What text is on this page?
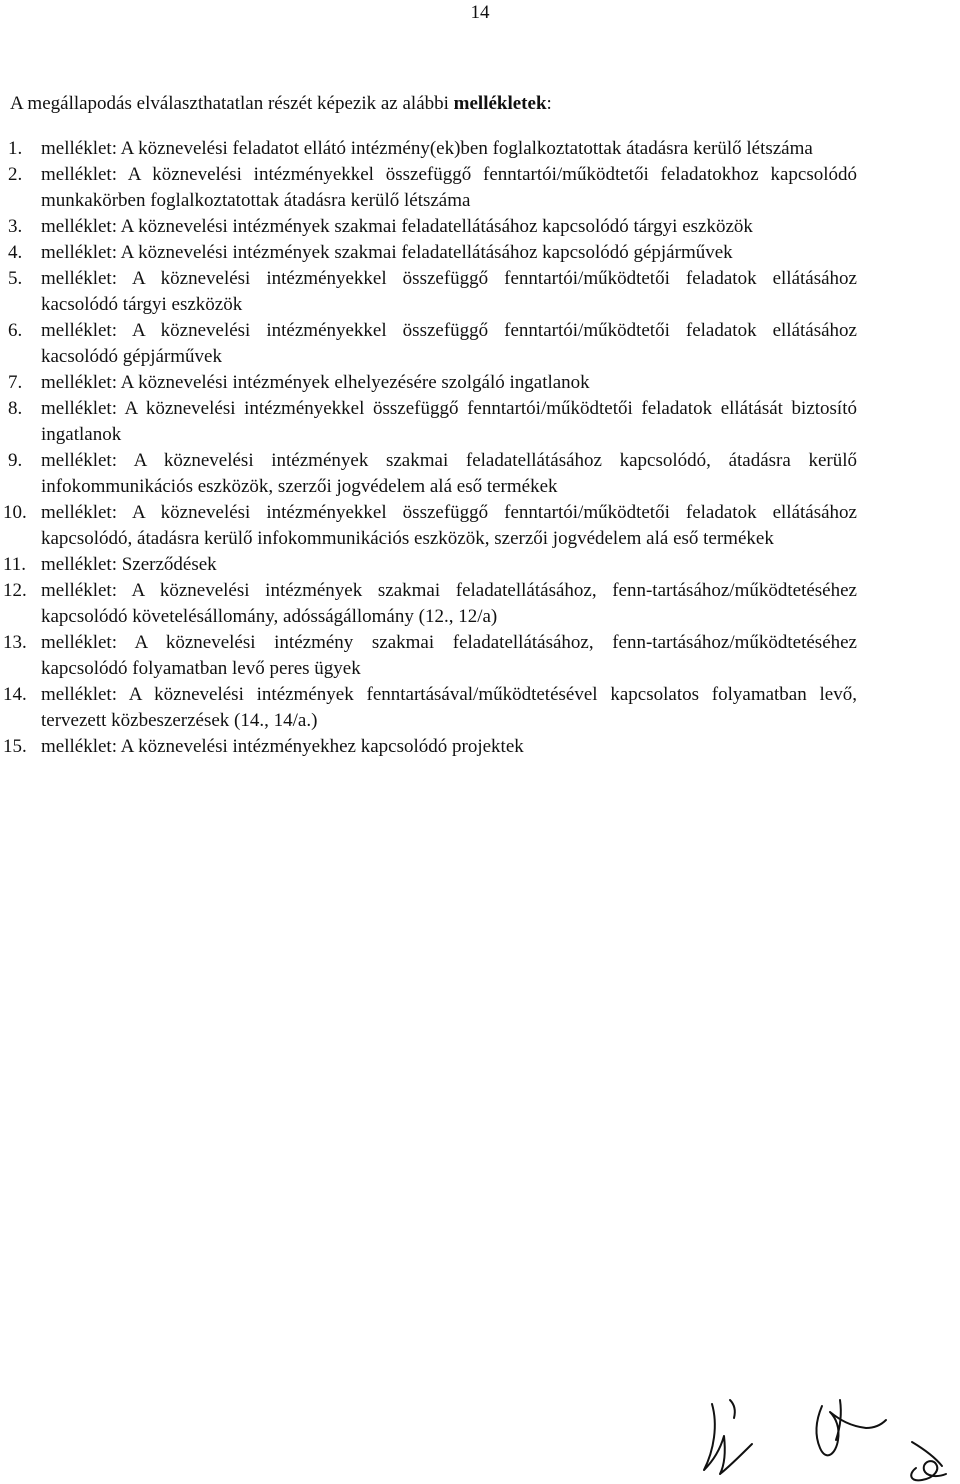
14
A megállapodás elválaszthatatlan részét képezik az alábbi mellékletek:
1. melléklet: A köznevelési feladatot ellátó intézmény(ek)ben foglalkoztatottak átadásra kerülő létszáma
2. melléklet: A köznevelési intézményekkel összefüggő fenntartói/működtetői feladatokhoz kapcsolódó munkakörben foglalkoztatottak átadásra kerülő létszáma
3. melléklet: A köznevelési intézmények szakmai feladatellátásához kapcsolódó tárgyi eszközök
4. melléklet: A köznevelési intézmények szakmai feladatellátásához kapcsolódó gépjárművek
5. melléklet: A köznevelési intézményekkel összefüggő fenntartói/működtetői feladatok ellátásához kacsolódó tárgyi eszközök
6. melléklet: A köznevelési intézményekkel összefüggő fenntartói/működtetői feladatok ellátásához kacsolódó gépjárművek
7. melléklet: A köznevelési intézmények elhelyezésére szolgáló ingatlanok
8. melléklet: A köznevelési intézményekkel összefüggő fenntartói/működtetői feladatok ellátását biztosító ingatlanok
9. melléklet: A köznevelési intézmények szakmai feladatellátásához kapcsolódó, átadásra kerülő infokommunikációs eszközök, szerzői jogvédelem alá eső termékek
10. melléklet: A köznevelési intézményekkel összefüggő fenntartói/működtetői feladatok ellátásához kapcsolódó, átadásra kerülő infokommunikációs eszközök, szerzői jogvédelem alá eső termékek
11. melléklet: Szerződések
12. melléklet: A köznevelési intézmények szakmai feladatellátásához, fenn-tartásához/működtetéséhez kapcsolódó követelésállomány, adósságállomány (12., 12/a)
13. melléklet: A köznevelési intézmény szakmai feladatellátásához, fenn-tartásához/működtetéséhez kapcsolódó folyamatban levő peres ügyek
14. melléklet: A köznevelési intézmények fenntartásával/működtetésével kapcsolatos folyamatban levő, tervezett közbeszerzések (14., 14/a.)
15. melléklet: A köznevelési intézményekhez kapcsolódó projektek
